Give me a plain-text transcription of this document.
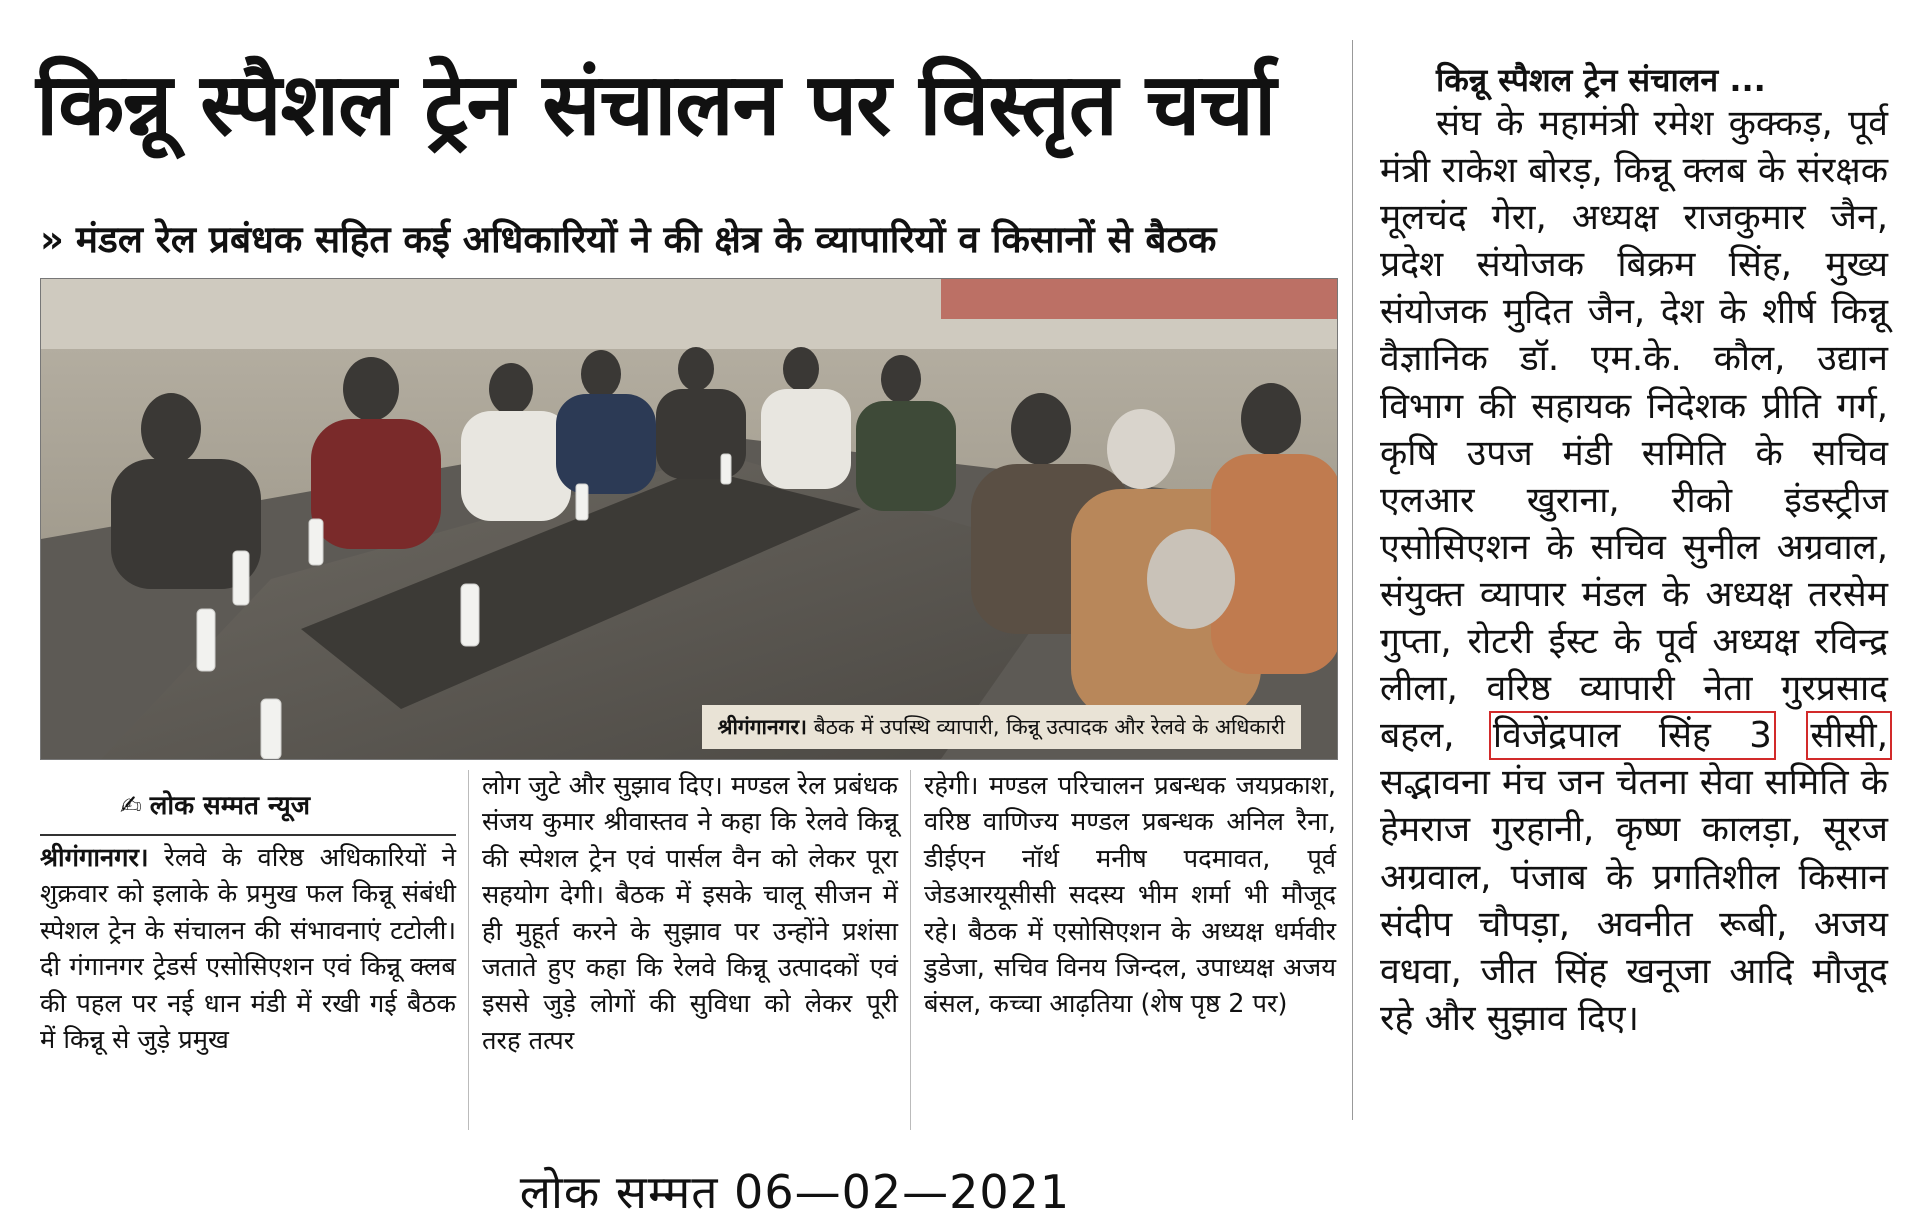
किन्नू स्पैशल ट्रेन संचालन पर विस्तृत चर्चा
» मंडल रेल प्रबंधक सहित कई अधिकारियों ने की क्षेत्र के व्यापारियों व किसानों से बैठक
श्रीगंगानगर। बैठक में उपस्थि व्यापारी, किन्नू उत्पादक और रेलवे के अधिकारी
✍ लोक सम्मत न्यूज
श्रीगंगानगर। रेलवे के वरिष्ठ अधिकारियों ने शुक्रवार को इलाके के प्रमुख फल किन्नू संबंधी स्पेशल ट्रेन के संचालन की संभावनाएं टटोली। दी गंगानगर ट्रेडर्स एसोसिएशन एवं किन्नू क्लब की पहल पर नई धान मंडी में रखी गई बैठक में किन्नू से जुड़े प्रमुख
लोग जुटे और सुझाव दिए। मण्डल रेल प्रबंधक संजय कुमार श्रीवास्तव ने कहा कि रेलवे किन्नू की स्पेशल ट्रेन एवं पार्सल वैन को लेकर पूरा सहयोग देगी। बैठक में इसके चालू सीजन में ही मुहूर्त करने के सुझाव पर उन्होंने प्रशंसा जताते हुए कहा कि रेलवे किन्नू उत्पादकों एवं इससे जुड़े लोगों की सुविधा को लेकर पूरी तरह तत्पर
रहेगी। मण्डल परिचालन प्रबन्धक जयप्रकाश, वरिष्ठ वाणिज्य मण्डल प्रबन्धक अनिल रैना, डीईएन नॉर्थ मनीष पदमावत, पूर्व जेडआरयूसीसी सदस्य भीम शर्मा भी मौजूद रहे। बैठक में एसोसिएशन के अध्यक्ष धर्मवीर डुडेजा, सचिव विनय जिन्दल, उपाध्यक्ष अजय बंसल, कच्चा आढ़तिया (शेष पृष्ठ 2 पर)
किन्नू स्पैशल ट्रेन संचालन ...
संघ के महामंत्री रमेश कुक्कड़, पूर्व मंत्री राकेश बोरड़, किन्नू क्लब के संरक्षक मूलचंद गेरा, अध्यक्ष राजकुमार जैन, प्रदेश संयोजक बिक्रम सिंह, मुख्य संयोजक मुदित जैन, देश के शीर्ष किन्नू वैज्ञानिक डॉ. एम.के. कौल, उद्यान विभाग की सहायक निदेशक प्रीति गर्ग, कृषि उपज मंडी समिति के सचिव एलआर खुराना, रीको इंडस्ट्रीज एसोसिएशन के सचिव सुनील अग्रवाल, संयुक्त व्यापार मंडल के अध्यक्ष तरसेम गुप्ता, रोटरी ईस्ट के पूर्व अध्यक्ष रविन्द्र लीला, वरिष्ठ व्यापारी नेता गुरप्रसाद बहल, विजेंद्रपाल सिंह 3 सीसी, सद्भावना मंच जन चेतना सेवा समिति के हेमराज गुरहानी, कृष्ण कालड़ा, सूरज अग्रवाल, पंजाब के प्रगतिशील किसान संदीप चौपड़ा, अवनीत रूबी, अजय वधवा, जीत सिंह खनूजा आदि मौजूद रहे और सुझाव दिए।
लोक सम्मत 06—02—2021
